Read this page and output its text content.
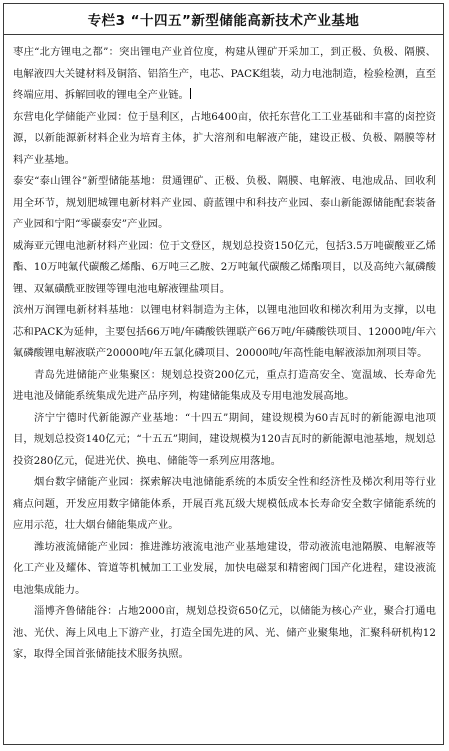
专栏3 “十四五”新型储能高新技术产业基地

枣庄“北方锂电之都”：突出锂电产业首位度，构建从锂矿开采加工，到正极、负极、隔膜、电解液四大关键材料及铜箔、铝箔生产，电芯、PACK组装，动力电池制造，检验检测，直至终端应用、拆解回收的锂电全产业链。

东营电化学储能产业园：位于垦利区，占地6400亩，依托东营化工工业基础和丰富的卤控资源，以新能源新材料企业为培育主体，扩大溶剂和电解液产能，建设正极、负极、隔膜等材料产业基地。

泰安“泰山锂谷”新型储能基地：贯通锂矿、正极、负极、隔膜、电解液、电池成品、回收利用全环节，规划肥城锂电新材料产业园、蔚蓝锂中和科技产业园、泰山新能源储能配套装备产业园和宁阳“零碳泰安”产业园。

威海亚元锂电池新材料产业园：位于文登区，规划总投资150亿元，包括3.5万吨碳酸亚乙烯酯、10万吨氟代碳酸乙烯酯、6万吨三乙胺、2万吨氟代碳酸乙烯酯项目，以及高纯六氟磷酸锂、双氟磺酰亚胺锂等锂电池电解液锂盐项目。

滨州万润锂电新材料基地：以锂电材料制造为主体，以锂电池回收和梯次利用为支撑，以电芯和PACK为延伸，主要包括66万吨/年磷酸铁锂联产66万吨/年磷酸铁项目、12000吨/年六氟磷酸锂电解液联产20000吨/年五氯化磷项目、20000吨/年高性能电解液添加剂项目等。

青岛先进储能产业集聚区：规划总投资200亿元，重点打造高安全、宽温域、长寿命先进电池及储能系统集成先进产品序列，构建储能集成及专用电池发展高地。

济宁宁德时代新能源产业基地：“十四五”期间，建设规模为60吉瓦时的新能源电池项目，规划总投资140亿元；“十五五”期间，建设规模为120吉瓦时的新能源电池基地，规划总投资280亿元，促进光伏、换电、储能等一系列应用落地。

烟台数字储能产业园：探索解决电池储能系统的本质安全性和经济性及梯次利用等行业痛点问题，开发应用数字储能体系，开展百兆瓦级大规模低成本长寿命安全数字储能系统的应用示范，壮大烟台储能集成产业。

潍坊液流储能产业园：推进潍坊液流电池产业基地建设，带动液流电池隔膜、电解液等化工产业及耀体、管道等机械加工工业发展，加快电磁泵和精密阀门国产化进程，建设液流电池集成能力。

淄博齐鲁储能谷：占地2000亩，规划总投资650亿元，以储能为核心产业，聚合打通电池、光伏、海上风电上下游产业，打造全国先进的风、光、储产业聚集地，汇聚科研机构12家，取得全国首张储能技术服务执照。
